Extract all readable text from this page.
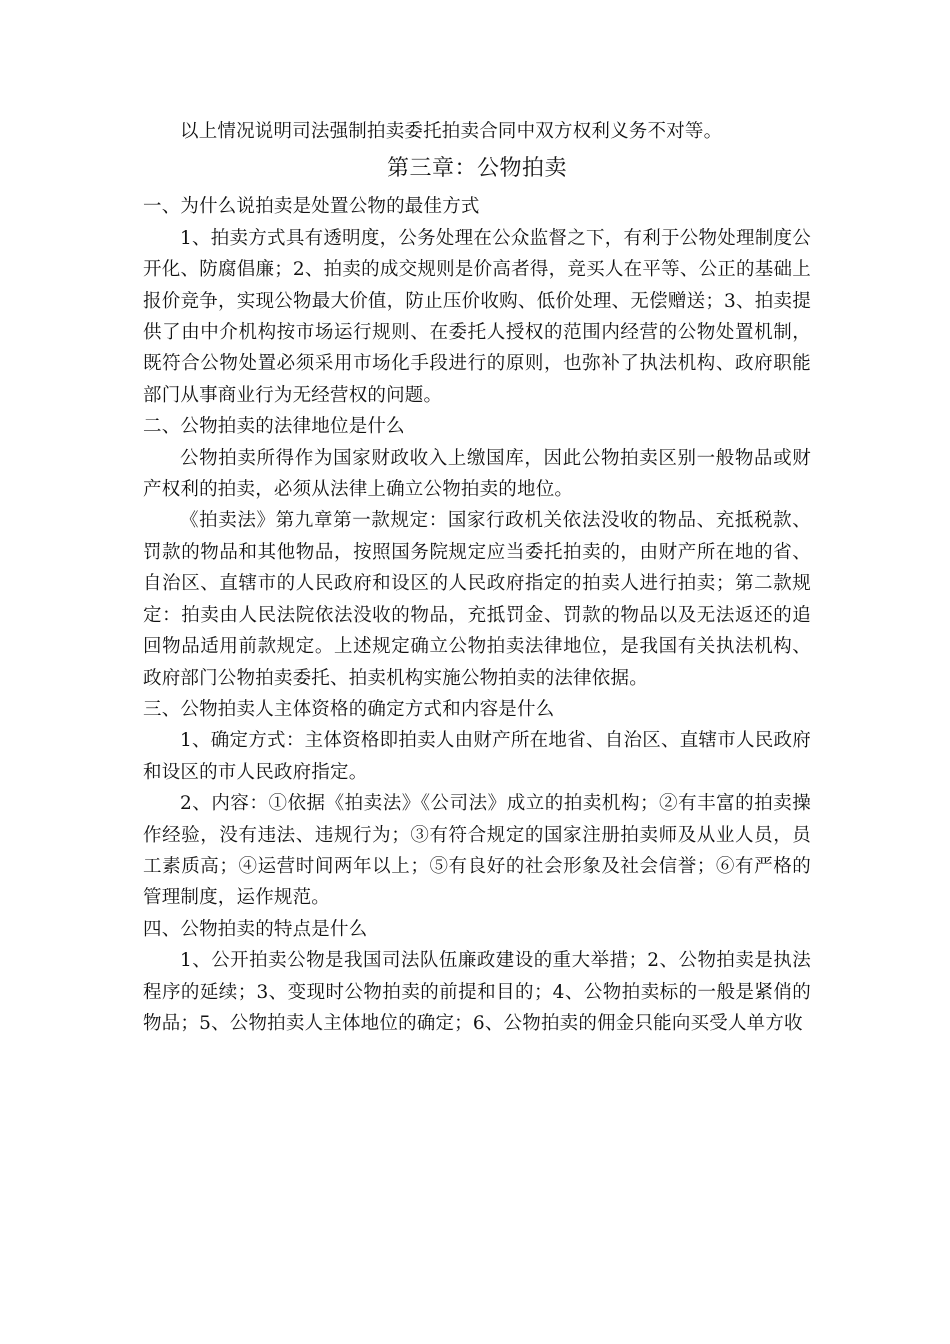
以上情况说明司法强制拍卖委托拍卖合同中双方权利义务不对等。

第三章：公物拍卖

一、为什么说拍卖是处置公物的最佳方式

1、拍卖方式具有透明度，公务处理在公众监督之下，有利于公物处理制度公开化、防腐倡廉；2、拍卖的成交规则是价高者得，竞买人在平等、公正的基础上报价竞争，实现公物最大价值，防止压价收购、低价处理、无偿赠送；3、拍卖提供了由中介机构按市场运行规则、在委托人授权的范围内经营的公物处置机制，既符合公物处置必须采用市场化手段进行的原则，也弥补了执法机构、政府职能部门从事商业行为无经营权的问题。

二、公物拍卖的法律地位是什么

公物拍卖所得作为国家财政收入上缴国库，因此公物拍卖区别一般物品或财产权利的拍卖，必须从法律上确立公物拍卖的地位。

《拍卖法》第九章第一款规定：国家行政机关依法没收的物品、充抵税款、罚款的物品和其他物品，按照国务院规定应当委托拍卖的，由财产所在地的省、自治区、直辖市的人民政府和设区的人民政府指定的拍卖人进行拍卖；第二款规定：拍卖由人民法院依法没收的物品，充抵罚金、罚款的物品以及无法返还的追回物品适用前款规定。上述规定确立公物拍卖法律地位，是我国有关执法机构、政府部门公物拍卖委托、拍卖机构实施公物拍卖的法律依据。

三、公物拍卖人主体资格的确定方式和内容是什么

1、确定方式：主体资格即拍卖人由财产所在地省、自治区、直辖市人民政府和设区的市人民政府指定。

2、内容：①依据《拍卖法》《公司法》成立的拍卖机构；②有丰富的拍卖操作经验，没有违法、违规行为；③有符合规定的国家注册拍卖师及从业人员，员工素质高；④运营时间两年以上；⑤有良好的社会形象及社会信誉；⑥有严格的管理制度，运作规范。

四、公物拍卖的特点是什么

1、公开拍卖公物是我国司法队伍廉政建设的重大举措；2、公物拍卖是执法程序的延续；3、变现时公物拍卖的前提和目的；4、公物拍卖标的一般是紧俏的物品；5、公物拍卖人主体地位的确定；6、公物拍卖的佣金只能向买受人单方收
